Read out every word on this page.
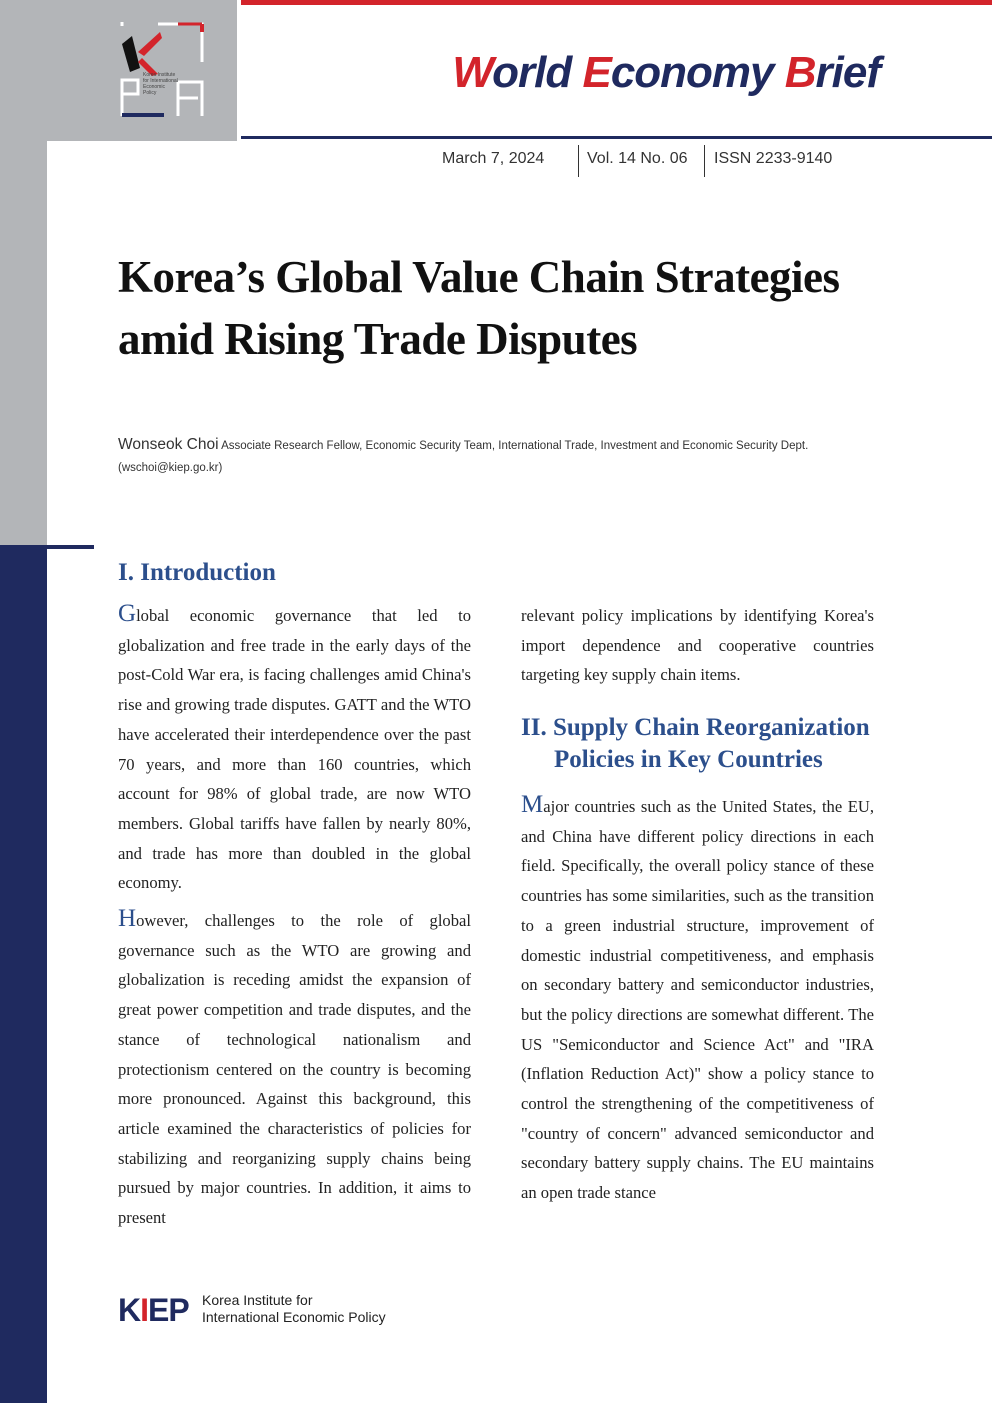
Korea Institute for International Economic Policy	World Economy Brief
March 7, 2024	Vol. 14 No. 06	ISSN 2233-9140
Korea’s Global Value Chain Strategies
amid Rising Trade Disputes
Wonseok Choi Associate Research Fellow, Economic Security Team, International Trade, Investment and Economic Security Dept.
(wschoi@kiep.go.kr)
I. Introduction

Global economic governance that led to globalization and free trade in the early days of the post-Cold War era, is facing challenges amid China's rise and growing trade disputes. GATT and the WTO have accelerated their interdependence over the past 70 years, and more than 160 countries, which account for 98% of global trade, are now WTO members. Global tariffs have fallen by nearly 80%, and trade has more than doubled in the global economy.

However, challenges to the role of global governance such as the WTO are growing and globalization is receding amidst the expansion of great power competition and trade disputes, and the stance of technological nationalism and protectionism centered on the country is becoming more pronounced. Against this background, this article examined the characteristics of policies for stabilizing and reorganizing supply chains being pursued by major countries. In addition, it aims to present

relevant policy implications by identifying Korea's import dependence and cooperative countries targeting key supply chain items.

II. Supply Chain Reorganization
Policies in Key Countries

Major countries such as the United States, the EU, and China have different policy directions in each field. Specifically, the overall policy stance of these countries has some similarities, such as the transition to a green industrial structure, improvement of domestic industrial competitiveness, and emphasis on secondary battery and semiconductor industries, but the policy directions are somewhat different. The US "Semiconductor and Science Act" and "IRA (Inflation Reduction Act)" show a policy stance to control the strengthening of the competitiveness of "country of concern" advanced semiconductor and secondary battery supply chains. The EU maintains an open trade stance

KIEP Korea Institute for
International Economic Policy
